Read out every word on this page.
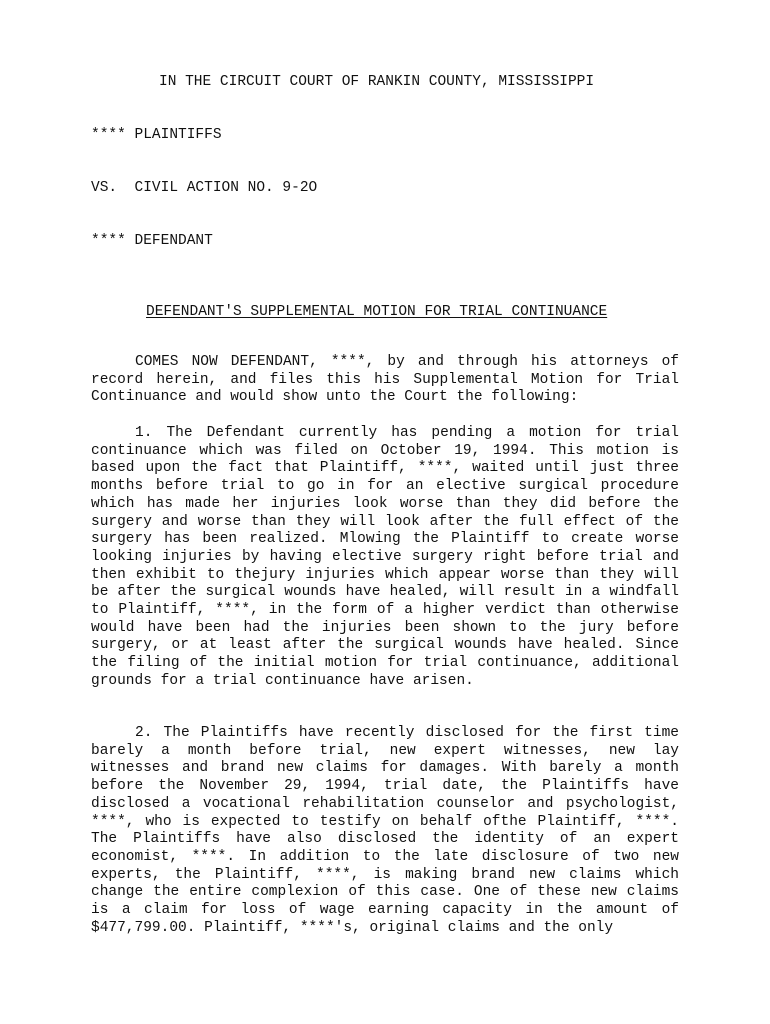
IN THE CIRCUIT COURT OF RANKIN COUNTY, MISSISSIPPI
**** PLAINTIFFS
VS.  CIVIL ACTION NO. 9-2O
**** DEFENDANT
DEFENDANT'S SUPPLEMENTAL MOTION FOR TRIAL CONTINUANCE

COMES NOW DEFENDANT, ****, by and through his attorneys of record herein, and files this his Supplemental Motion for Trial Continuance and would show unto the Court the following:

1. The Defendant currently has pending a motion for trial continuance which was filed on October 19, 1994. This motion is based upon the fact that Plaintiff, ****, waited until just three months before trial to go in for an elective surgical procedure which has made her injuries look worse than they did before the surgery and worse than they will look after the full effect of the surgery has been realized. Mlowing the Plaintiff to create worse looking injuries by having elective surgery right before trial and then exhibit to thejury injuries which appear worse than they will be after the surgical wounds have healed, will result in a windfall to Plaintiff, ****, in the form of a higher verdict than otherwise would have been had the injuries been shown to the jury before surgery, or at least after the surgical wounds have healed. Since the filing of the initial motion for trial continuance, additional grounds for a trial continuance have arisen.

2. The Plaintiffs have recently disclosed for the first time barely a month before trial, new expert witnesses, new lay witnesses and brand new claims for damages. With barely a month before the November 29, 1994, trial date, the Plaintiffs have disclosed a vocational rehabilitation counselor and psychologist, ****, who is expected to testify on behalf ofthe Plaintiff, ****. The Plaintiffs have also disclosed the identity of an expert economist, ****. In addition to the late disclosure of two new experts, the Plaintiff, ****, is making brand new claims which change the entire complexion of this case. One of these new claims is a claim for loss of wage earning capacity in the amount of $477,799.00. Plaintiff, ****'s, original claims and the only
